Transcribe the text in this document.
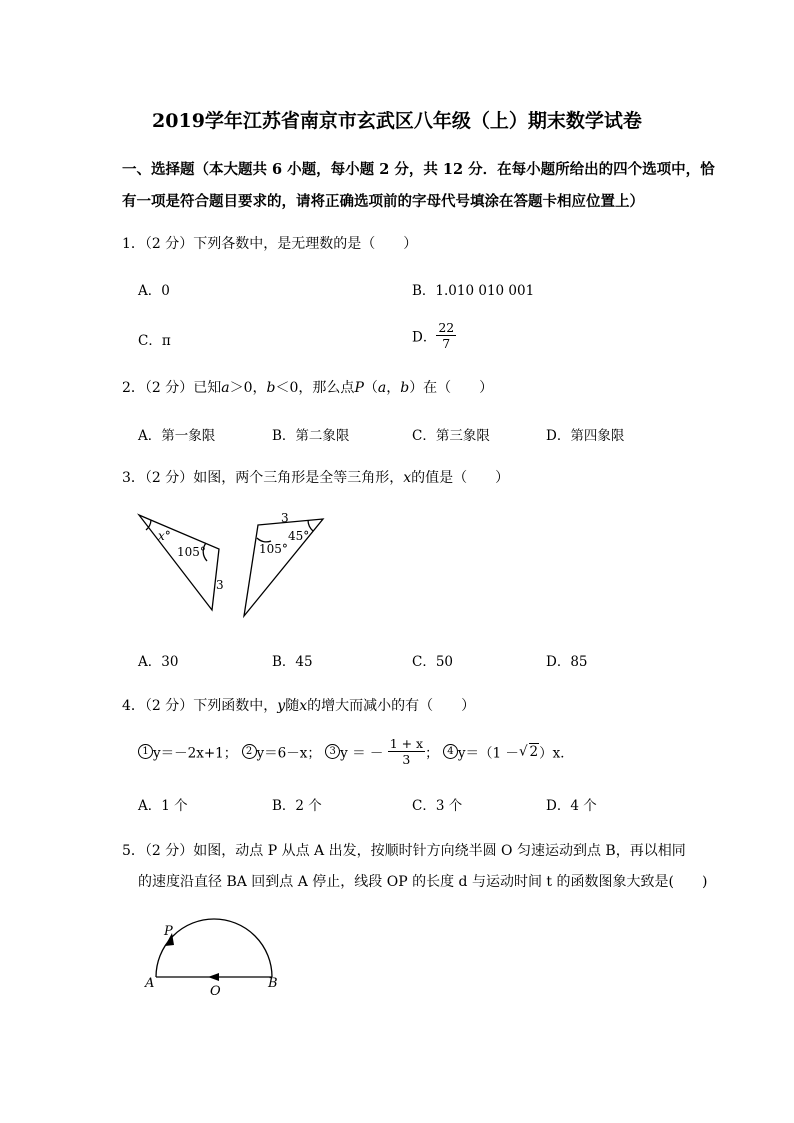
2019学年江苏省南京市玄武区八年级（上）期末数学试卷
一、选择题（本大题共 6 小题，每小题 2 分，共 12 分．在每小题所给出的四个选项中，恰
有一项是符合题目要求的，请将正确选项前的字母代号填涂在答题卡相应位置上）
1．（2 分）下列各数中，是无理数的是（　　）
A．0	B．1.010 010 001
C．π	D． $\frac{22}{7}$
2．（2 分）已知a＞0，b＜0，那么点P（a，b）在（　　）
A．第一象限	B．第二象限	C．第三象限	D．第四象限
3．（2 分）如图，两个三角形是全等三角形，x的值是（　　）
x°
105°
3
3
105°
45°
A．30	B．45	C．50	D．85
4．（2 分）下列函数中，y随x的增大而减小的有（　　）
1 y＝－2x+1； 2 y＝6－x； 3 y ＝ － $\frac{1 + x}{3}$ ； 4 y＝（1 －√ 2）x．
A．1 个	B．2 个	C．3 个	D．4 个
5．（2 分）如图，动点 P 从点 A 出发，按顺时针方向绕半圆 O 匀速运动到点 B，再以相同
的速度沿直径 BA 回到点 A 停止，线段 OP 的长度 d 与运动时间 t 的函数图象大致是(　　)
P
A
O
B
